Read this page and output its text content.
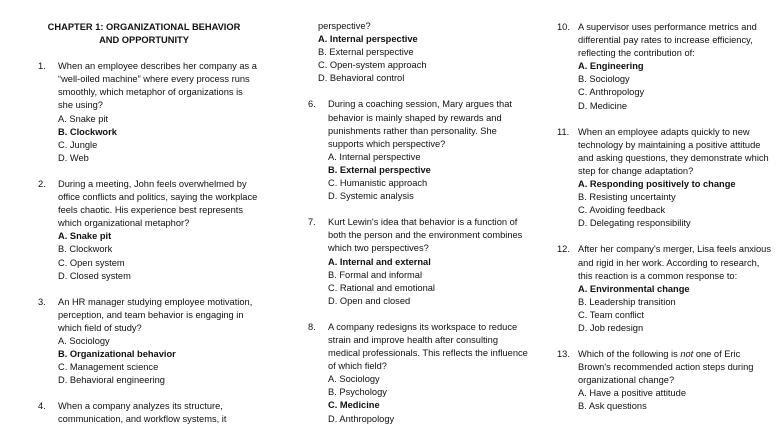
CHAPTER 1: ORGANIZATIONAL BEHAVIOR
AND OPPORTUNITY
1. When an employee describes her company as a “well-oiled machine” where every process runs smoothly, which metaphor of organizations is she using?
A. Snake pit
B. Clockwork
C. Jungle
D. Web
2. During a meeting, John feels overwhelmed by office conflicts and politics, saying the workplace feels chaotic. His experience best represents which organizational metaphor?
A. Snake pit
B. Clockwork
C. Open system
D. Closed system
3. An HR manager studying employee motivation, perception, and team behavior is engaging in which field of study?
A. Sociology
B. Organizational behavior
C. Management science
D. Behavioral engineering
4. When a company analyzes its structure, communication, and workflow systems, it
perspective?
A. Internal perspective
B. External perspective
C. Open-system approach
D. Behavioral control
6. During a coaching session, Mary argues that behavior is mainly shaped by rewards and punishments rather than personality. She supports which perspective?
A. Internal perspective
B. External perspective
C. Humanistic approach
D. Systemic analysis
7. Kurt Lewin's idea that behavior is a function of both the person and the environment combines which two perspectives?
A. Internal and external
B. Formal and informal
C. Rational and emotional
D. Open and closed
8. A company redesigns its workspace to reduce strain and improve health after consulting medical professionals. This reflects the influence of which field?
A. Sociology
B. Psychology
C. Medicine
D. Anthropology
10. A supervisor uses performance metrics and differential pay rates to increase efficiency, reflecting the contribution of:
A. Engineering
B. Sociology
C. Anthropology
D. Medicine
11. When an employee adapts quickly to new technology by maintaining a positive attitude and asking questions, they demonstrate which step for change adaptation?
A. Responding positively to change
B. Resisting uncertainty
C. Avoiding feedback
D. Delegating responsibility
12. After her company's merger, Lisa feels anxious and rigid in her work. According to research, this reaction is a common response to:
A. Environmental change
B. Leadership transition
C. Team conflict
D. Job redesign
13. Which of the following is not one of Eric Brown's recommended action steps during organizational change?
A. Have a positive attitude
B. Ask questions
